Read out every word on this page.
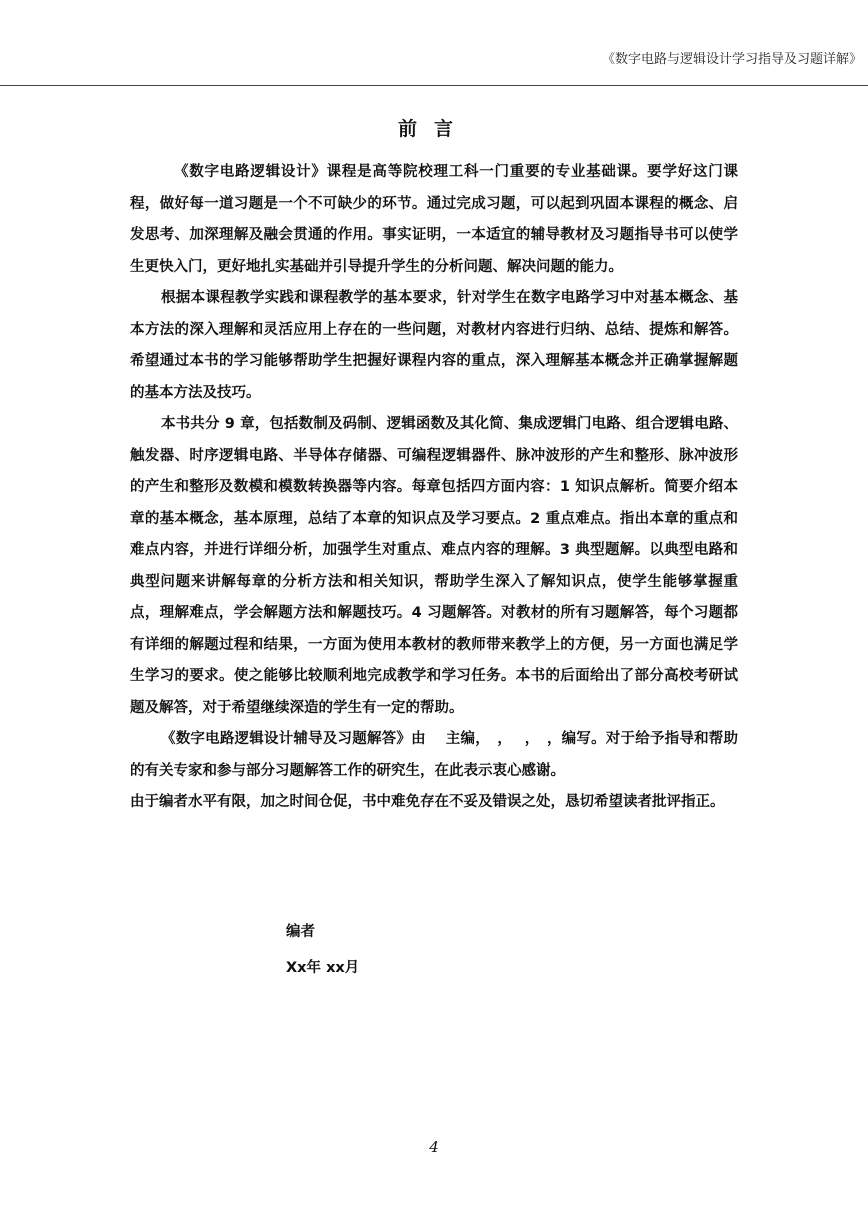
《数字电路与逻辑设计学习指导及习题详解》
前言

《数字电路逻辑设计》课程是高等院校理工科一门重要的专业基础课。要学好这门课程，做好每一道习题是一个不可缺少的环节。通过完成习题，可以起到巩固本课程的概念、启发思考、加深理解及融会贯通的作用。事实证明，一本适宜的辅导教材及习题指导书可以使学生更快入门，更好地扎实基础并引导提升学生的分析问题、解决问题的能力。

根据本课程教学实践和课程教学的基本要求，针对学生在数字电路学习中对基本概念、基本方法的深入理解和灵活应用上存在的一些问题，对教材内容进行归纳、总结、提炼和解答。希望通过本书的学习能够帮助学生把握好课程内容的重点，深入理解基本概念并正确掌握解题的基本方法及技巧。

本书共分 9 章，包括数制及码制、逻辑函数及其化简、集成逻辑门电路、组合逻辑电路、触发器、时序逻辑电路、半导体存储器、可编程逻辑器件、脉冲波形的产生和整形、脉冲波形的产生和整形及数模和模数转换器等内容。每章包括四方面内容：1 知识点解析。简要介绍本章的基本概念，基本原理，总结了本章的知识点及学习要点。2 重点难点。指出本章的重点和难点内容，并进行详细分析，加强学生对重点、难点内容的理解。3 典型题解。以典型电路和典型问题来讲解每章的分析方法和相关知识，帮助学生深入了解知识点，使学生能够掌握重点，理解难点，学会解题方法和解题技巧。4 习题解答。对教材的所有习题解答，每个习题都有详细的解题过程和结果，一方面为使用本教材的教师带来教学上的方便，另一方面也满足学生学习的要求。使之能够比较顺利地完成教学和学习任务。本书的后面给出了部分高校考研试题及解答，对于希望继续深造的学生有一定的帮助。

《数字电路逻辑设计辅导及习题解答》由　 主编，　，　 ，　，编写。对于给予指导和帮助的有关专家和参与部分习题解答工作的研究生，在此表示衷心感谢。

由于编者水平有限，加之时间仓促，书中难免存在不妥及错误之处，恳切希望读者批评指正。

编者
Xx年 xx月
4
